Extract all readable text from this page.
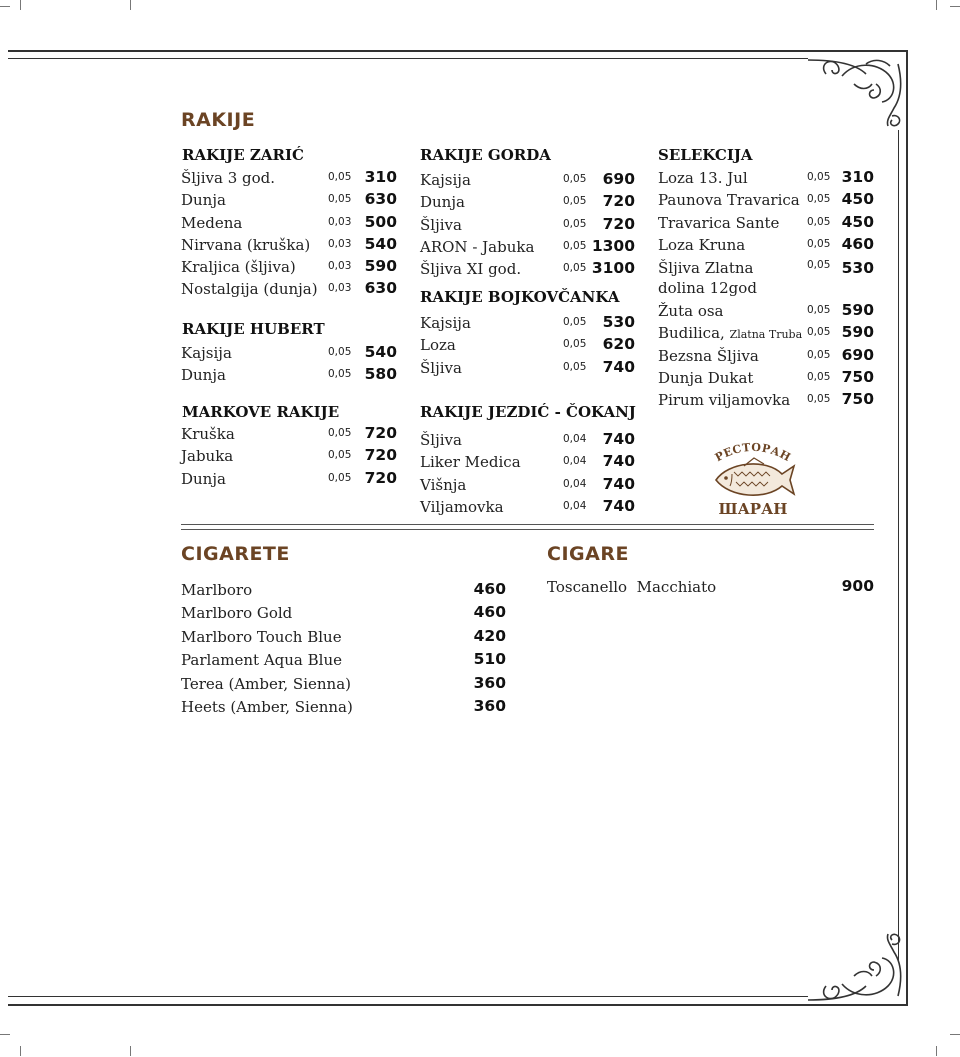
RAKIJE
RAKIJE ZARIĆ
Šljiva 3 god.	0,05 310
Dunja	0,05 630
Medena	0,03 500
Nirvana (kruška) 0,03 540
Kraljica (šljiva)	0,03 590
Nostalgija (dunja) 0,03 630
RAKIJE HUBERT
Kajsija	0,05 540
Dunja	0,05 580
MARKOVE RAKIJE
Kruška	0,05 720
Jabuka	0,05 720
Dunja	0,05 720
RAKIJE GORDA
Kajsija	0,05 690
Dunja	0,05 720
Šljiva	0,05 720
ARON - Jabuka	0,05 1300
Šljiva XI god.	0,05 3100
RAKIJE BOJKOVČANKA
Kajsija	0,05 530
Loza	0,05 620
Šljiva	0,05 740
RAKIJE JEZDIĆ - ČOKANJ
Šljiva	0,04 740
Liker Medica	0,04 740
Višnja	0,04 740
Viljamovka	0,04 740
SELEKCIJA
Loza 13. Jul	0,05 310
Paunova Travarica 0,05 450
Travarica Sante	0,05 450
Loza Kruna	0,05 460
Šljiva Zlatna
dolina 12god
0,05 530
Žuta osa	0,05 590
Budilica, Zlatna Truba 0,05 590
Bezsna Šljiva	0,05 690
Dunja Dukat	0,05 750
Pirum viljamovka 0,05 750
РЕСТОРАН
ШАРАН
CIGARETE
Marlboro	460
Marlboro Gold	460
Marlboro Touch Blue	420
Parlament Aqua Blue	510
Terea (Amber, Sienna)	360
Heets (Amber, Sienna)	360
CIGARE
Toscanello  Macchiato	900
